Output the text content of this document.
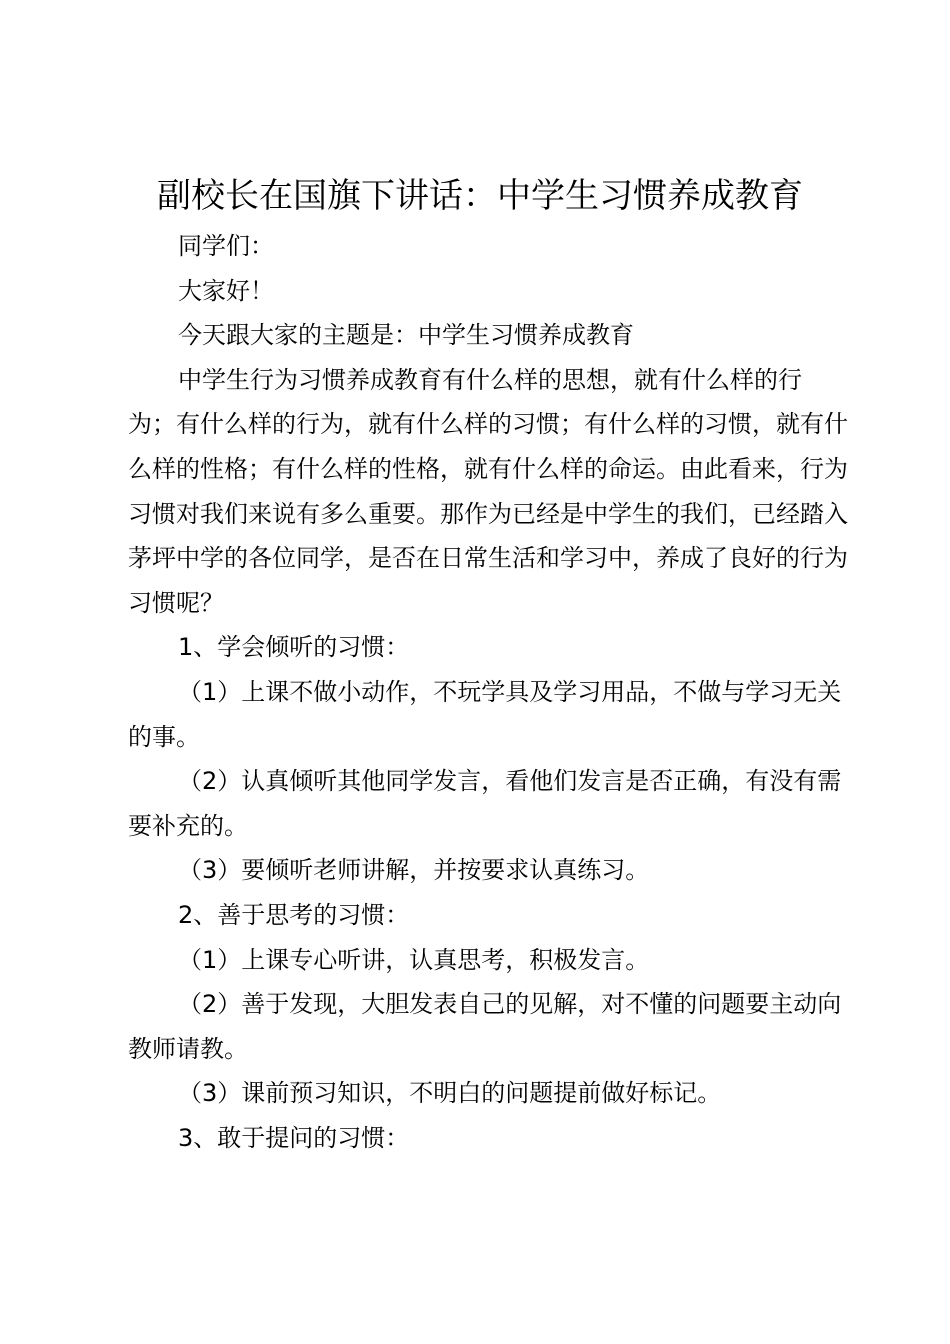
副校长在国旗下讲话：中学生习惯养成教育

同学们：

大家好！

今天跟大家的主题是：中学生习惯养成教育

中学生行为习惯养成教育有什么样的思想，就有什么样的行为；有什么样的行为，就有什么样的习惯；有什么样的习惯，就有什么样的性格；有什么样的性格，就有什么样的命运。由此看来，行为习惯对我们来说有多么重要。那作为已经是中学生的我们，已经踏入茅坪中学的各位同学，是否在日常生活和学习中，养成了良好的行为习惯呢？

1、学会倾听的习惯：

（1）上课不做小动作，不玩学具及学习用品，不做与学习无关的事。

（2）认真倾听其他同学发言，看他们发言是否正确，有没有需要补充的。

（3）要倾听老师讲解，并按要求认真练习。

2、善于思考的习惯：

（1）上课专心听讲，认真思考，积极发言。

（2）善于发现，大胆发表自己的见解，对不懂的问题要主动向教师请教。

（3）课前预习知识，不明白的问题提前做好标记。

3、敢于提问的习惯：
